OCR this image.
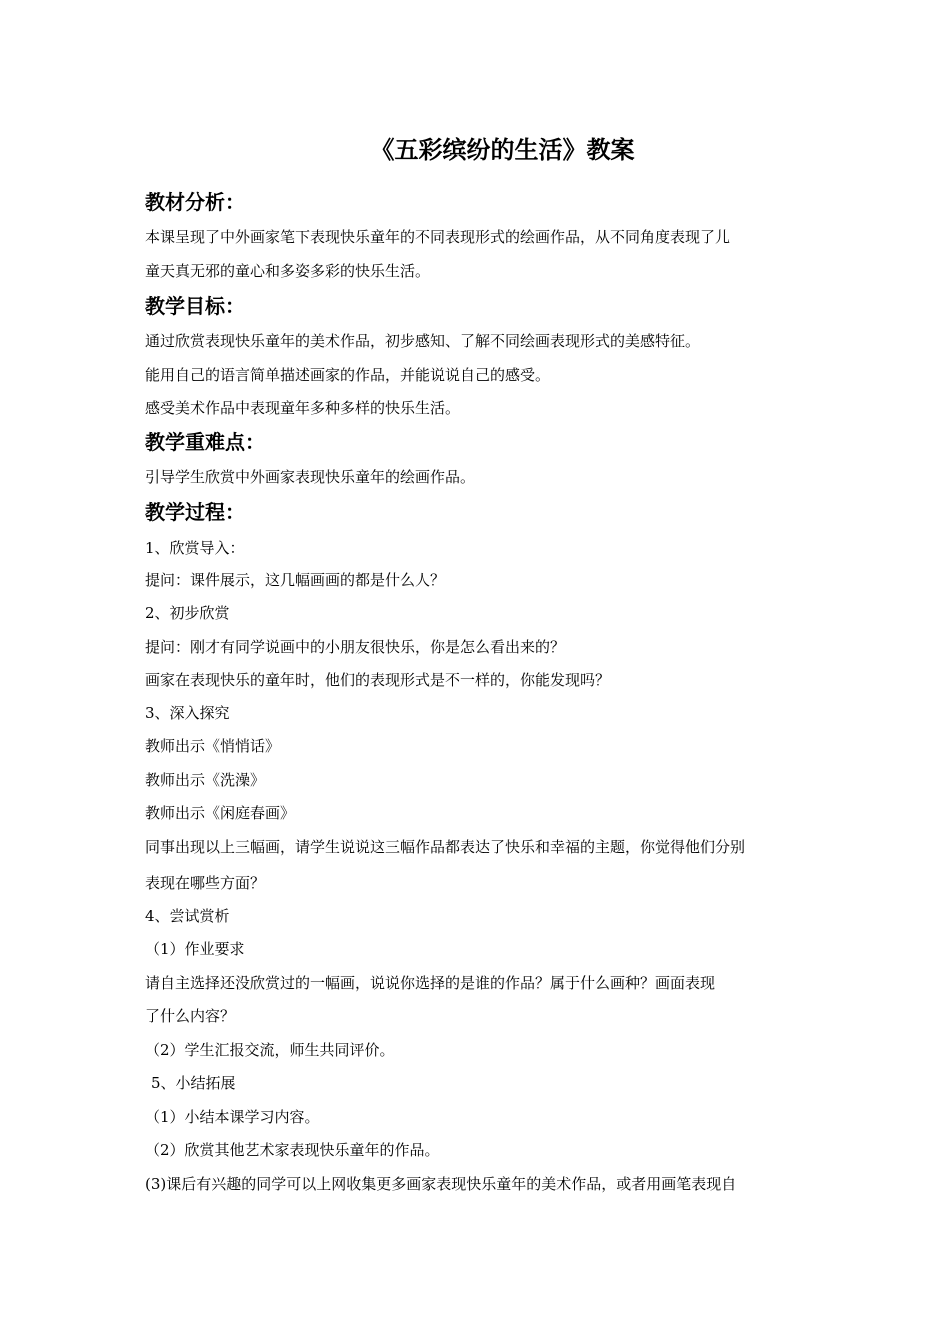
《五彩缤纷的生活》教案
教材分析：
本课呈现了中外画家笔下表现快乐童年的不同表现形式的绘画作品，从不同角度表现了儿
童天真无邪的童心和多姿多彩的快乐生活。
教学目标：
通过欣赏表现快乐童年的美术作品，初步感知、了解不同绘画表现形式的美感特征。
能用自己的语言简单描述画家的作品，并能说说自己的感受。
感受美术作品中表现童年多种多样的快乐生活。
教学重难点：
引导学生欣赏中外画家表现快乐童年的绘画作品。
教学过程：
1、欣赏导入：
提问：课件展示，这几幅画画的都是什么人？
2、初步欣赏
提问：刚才有同学说画中的小朋友很快乐，你是怎么看出来的？
画家在表现快乐的童年时，他们的表现形式是不一样的，你能发现吗？
3、深入探究
教师出示《悄悄话》
教师出示《洗澡》
教师出示《闲庭春画》
同事出现以上三幅画，请学生说说这三幅作品都表达了快乐和幸福的主题，你觉得他们分别
表现在哪些方面？
4、尝试赏析
（1）作业要求
请自主选择还没欣赏过的一幅画，说说你选择的是谁的作品？属于什么画种？画面表现
了什么内容？
（2）学生汇报交流，师生共同评价。
5、小结拓展
（1）小结本课学习内容。
（2）欣赏其他艺术家表现快乐童年的作品。
(3)课后有兴趣的同学可以上网收集更多画家表现快乐童年的美术作品，或者用画笔表现自
